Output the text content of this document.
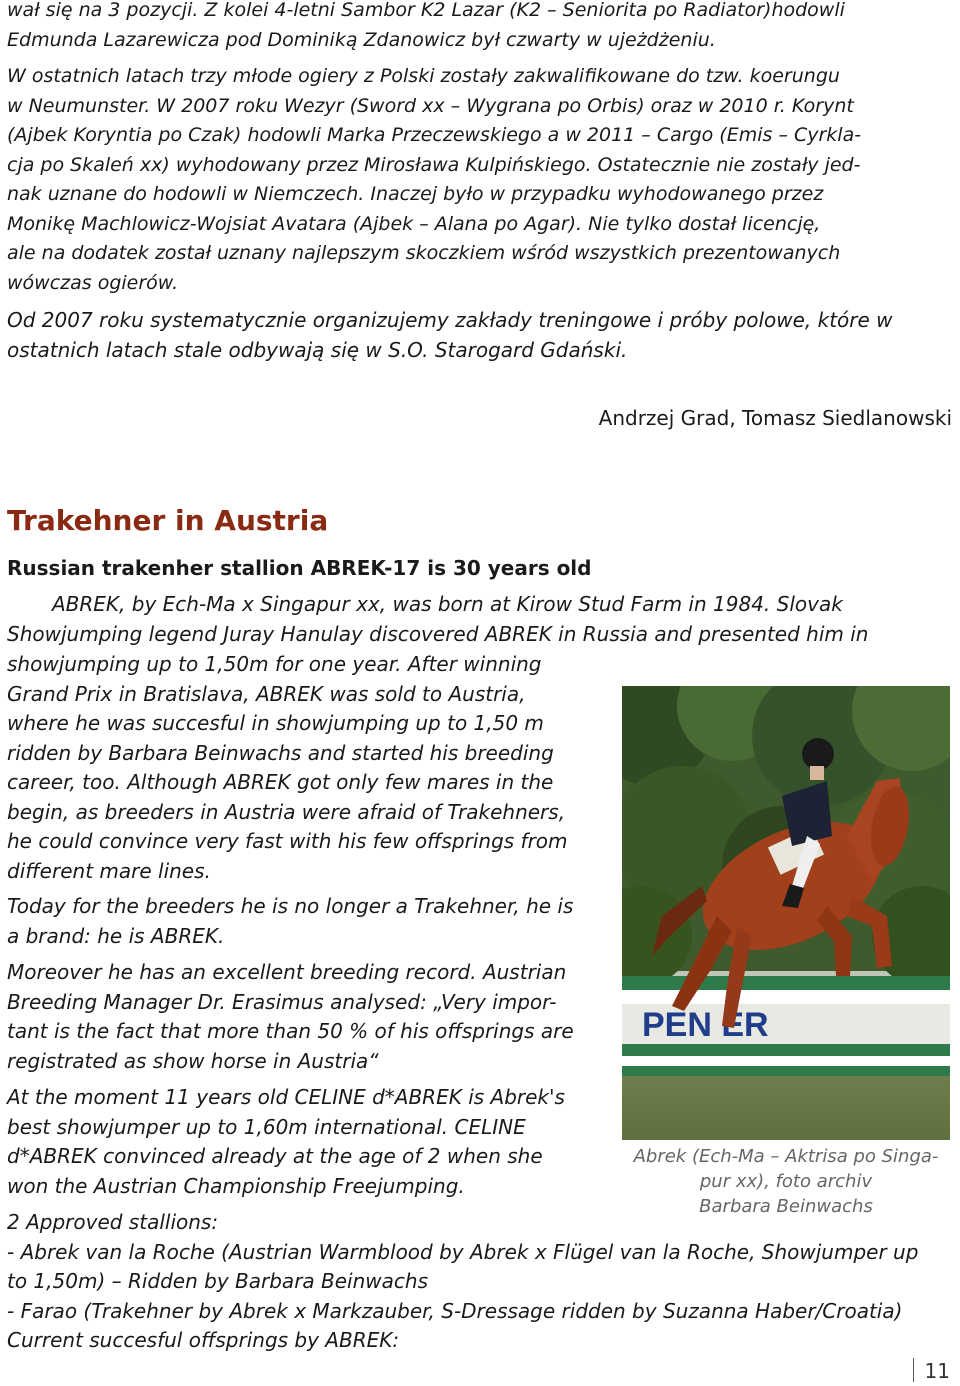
wał się na 3 pozycji. Z kolei 4-letni Sambor K2 Lazar (K2 – Seniorita po Radiator)hodowli
Edmunda Lazarewicza pod Dominiką Zdanowicz był czwarty w ujeżdżeniu.

W ostatnich latach trzy młode ogiery z Polski zostały zakwalifikowane do tzw. koerungu
w Neumunster. W 2007 roku Wezyr (Sword xx – Wygrana po Orbis) oraz w 2010 r. Korynt
(Ajbek Koryntia po Czak) hodowli Marka Przeczewskiego a w 2011 – Cargo (Emis – Cyrkla-
cja po Skaleń xx) wyhodowany przez Mirosława Kulpińskiego. Ostatecznie nie zostały jed-
nak uznane do hodowli w Niemczech. Inaczej było w przypadku wyhodowanego przez
Monikę Machlowicz-Wojsiat Avatara (Ajbek – Alana po Agar). Nie tylko dostał licencję,
ale na dodatek został uznany najlepszym skoczkiem wśród wszystkich prezentowanych
wówczas ogierów.

Od 2007 roku systematycznie organizujemy zakłady treningowe i próby polowe, które w
ostatnich latach stale odbywają się w S.O. Starogard Gdański.

Andrzej Grad, Tomasz Siedlanowski

Trakehner in Austria
Russian trakenher stallion ABREK-17 is 30 years old

ABREK, by Ech-Ma x Singapur xx, was born at Kirow Stud Farm in 1984. Slovak
Showjumping legend Juray Hanulay discovered ABREK in Russia and presented him in

showjumping up to 1,50m for one year. After winning
Grand Prix in Bratislava, ABREK was sold to Austria,
where he was succesful in showjumping up to 1,50 m
ridden by Barbara Beinwachs and started his breeding
career, too. Although ABREK got only few mares in the
begin, as breeders in Austria were afraid of Trakehners,
he could convince very fast with his few offsprings from
different mare lines.

Today for the breeders he is no longer a Trakehner, he is
a brand: he is ABREK.

Moreover he has an excellent breeding record. Austrian
Breeding Manager Dr. Erasimus analysed: „Very impor-
tant is the fact that more than 50 % of his offsprings are
registrated as show horse in Austria“

At the moment 11 years old CELINE d*ABREK is Abrek's
best showjumper up to 1,60m international. CELINE
d*ABREK convinced already at the age of 2 when she
won the Austrian Championship Freejumping.

2 Approved stallions:
- Abrek van la Roche (Austrian Warmblood by Abrek x Flügel van la Roche, Showjumper up
to 1,50m) – Ridden by Barbara Beinwachs
- Farao (Trakehner by Abrek x Markzauber, S-Dressage ridden by Suzanna Haber/Croatia)
Current succesful offsprings by ABREK:

PEN ER

Abrek (Ech-Ma – Aktrisa po Singa-
pur xx), foto archiv
Barbara Beinwachs

11
